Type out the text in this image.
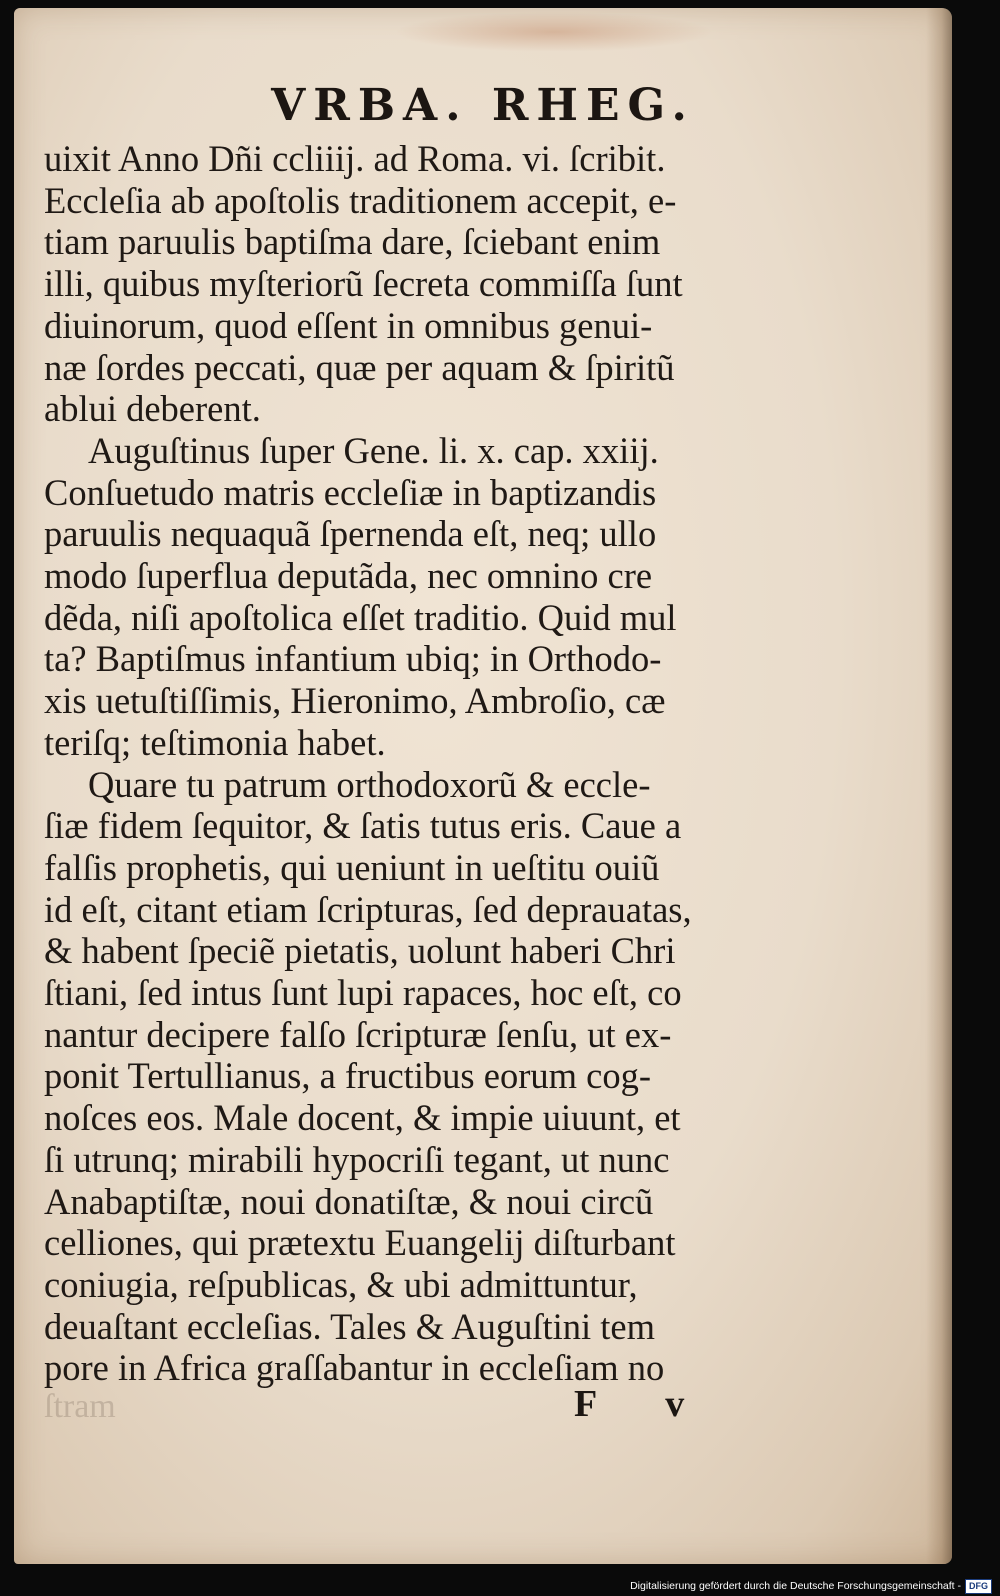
VRBA. RHEG.
uixit Anno Dñi ccliiij. ad Roma. vi. ſcribit.
Eccleſia ab apoſtolis traditionem accepit, e-
tiam paruulis baptiſma dare, ſciebant enim
illi, quibus myſteriorũ ſecreta commiſſa ſunt
diuinorum, quod eſſent in omnibus genui-
næ ſordes peccati, quæ per aquam & ſpiritũ
ablui deberent.
Auguſtinus ſuper Gene. li. x. cap. xxiij.
Conſuetudo matris eccleſiæ in baptizandis
paruulis nequaquã ſpernenda eſt, neq; ullo
modo ſuperflua deputãda, nec omnino cre
dẽda, niſi apoſtolica eſſet traditio. Quid mul
ta? Baptiſmus infantium ubiq; in Orthodo-
xis uetuſtiſſimis, Hieronimo, Ambroſio, cæ
teriſq; teſtimonia habet.
Quare tu patrum orthodoxorũ & eccle-
ſiæ fidem ſequitor, & ſatis tutus eris. Caue a
falſis prophetis, qui ueniunt in ueſtitu ouiũ
id eſt, citant etiam ſcripturas, ſed deprauatas,
& habent ſpeciẽ pietatis, uolunt haberi Chri
ſtiani, ſed intus ſunt lupi rapaces, hoc eſt, co
nantur decipere falſo ſcripturæ ſenſu, ut ex-
ponit Tertullianus, a fructibus eorum cog-
noſces eos. Male docent, & impie uiuunt, et
ſi utrunq; mirabili hypocriſi tegant, ut nunc
Anabaptiſtæ, noui donatiſtæ, & noui circũ
celliones, qui prætextu Euangelij diſturbant
coniugia, reſpublicas, & ubi admittuntur,
deuaſtant eccleſias. Tales & Auguſtini tem
pore in Africa graſſabantur in eccleſiam no
ſtram	F v
Digitalisierung gefördert durch die Deutsche Forschungsgemeinschaft - DFG
